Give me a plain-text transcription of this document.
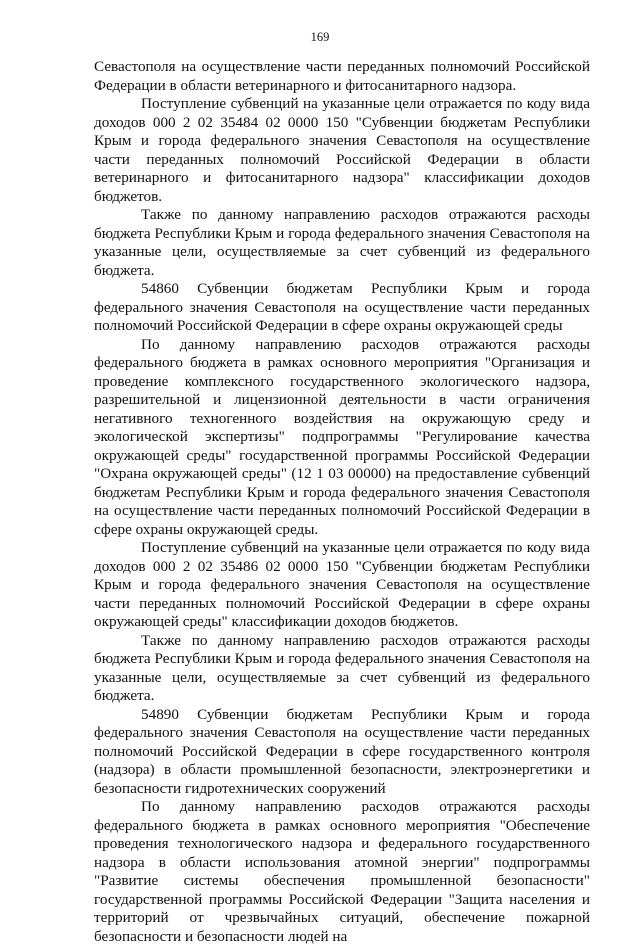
169

Севастополя на осуществление части переданных полномочий Российской Федерации в области ветеринарного и фитосанитарного надзора.

Поступление субвенций на указанные цели отражается по коду вида доходов 000 2 02 35484 02 0000 150 "Субвенции бюджетам Республики Крым и города федерального значения Севастополя на осуществление части переданных полномочий Российской Федерации в области ветеринарного и фитосанитарного надзора" классификации доходов бюджетов.

Также по данному направлению расходов отражаются расходы бюджета Республики Крым и города федерального значения Севастополя на указанные цели, осуществляемые за счет субвенций из федерального бюджета.

54860 Субвенции бюджетам Республики Крым и города федерального значения Севастополя на осуществление части переданных полномочий Российской Федерации в сфере охраны окружающей среды

По данному направлению расходов отражаются расходы федерального бюджета в рамках основного мероприятия "Организация и проведение комплексного государственного экологического надзора, разрешительной и лицензионной деятельности в части ограничения негативного техногенного воздействия на окружающую среду и экологической экспертизы" подпрограммы "Регулирование качества окружающей среды" государственной программы Российской Федерации "Охрана окружающей среды" (12 1 03 00000) на предоставление субвенций бюджетам Республики Крым и города федерального значения Севастополя на осуществление части переданных полномочий Российской Федерации в сфере охраны окружающей среды.

Поступление субвенций на указанные цели отражается по коду вида доходов 000 2 02 35486 02 0000 150 "Субвенции бюджетам Республики Крым и города федерального значения Севастополя на осуществление части переданных полномочий Российской Федерации в сфере охраны окружающей среды" классификации доходов бюджетов.

Также по данному направлению расходов отражаются расходы бюджета Республики Крым и города федерального значения Севастополя на указанные цели, осуществляемые за счет субвенций из федерального бюджета.

54890 Субвенции бюджетам Республики Крым и города федерального значения Севастополя на осуществление части переданных полномочий Российской Федерации в сфере государственного контроля (надзора) в области промышленной безопасности, электроэнергетики и безопасности гидротехнических сооружений

По данному направлению расходов отражаются расходы федерального бюджета в рамках основного мероприятия "Обеспечение проведения технологического надзора и федерального государственного надзора в области использования атомной энергии" подпрограммы "Развитие системы обеспечения промышленной безопасности" государственной программы Российской Федерации "Защита населения и территорий от чрезвычайных ситуаций, обеспечение пожарной безопасности и безопасности людей на
